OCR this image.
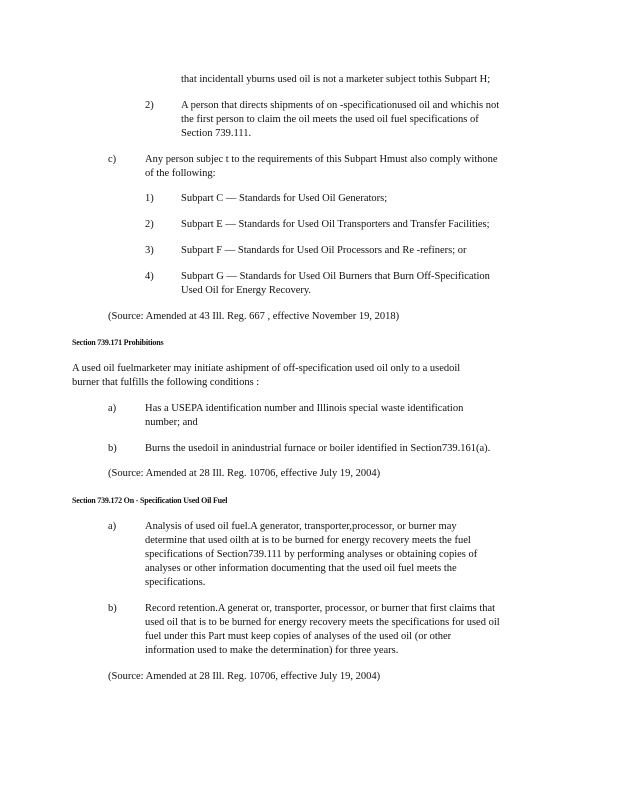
that incidentall yburns used oil is not a marketer subject tothis Subpart H;
2)	A person that directs shipments of on -specificationused oil and whichis not
the first person to claim the oil meets the used oil fuel specifications of
Section 739.111.
c)	Any person subjec t to the requirements of this Subpart Hmust also comply withone
of the following:
1)	Subpart C — Standards for Used Oil Generators;
2)	Subpart E — Standards for Used Oil Transporters and Transfer Facilities;
3)	Subpart F — Standards for Used Oil Processors and Re -refiners; or
4)	Subpart G — Standards for Used Oil Burners that Burn Off-Specification
Used Oil for Energy Recovery.
(Source: Amended at 43 Ill. Reg. 667 , effective November 19, 2018)
Section 739.171 Prohibitions
A used oil fuelmarketer may initiate ashipment of off-specification used oil only to a usedoil
burner that fulfills the following conditions :
a)	Has a USEPA identification number and Illinois special waste identification
number; and
b)	Burns the usedoil in anindustrial furnace or boiler identified in Section739.161(a).
(Source: Amended at 28 Ill. Reg. 10706, effective July 19, 2004)
Section 739.172 On - Specification Used Oil Fuel
a)	Analysis of used oil fuel.A generator, transporter,processor, or burner may
determine that used oilth at is to be burned for energy recovery meets the fuel
specifications of Section739.111 by performing analyses or obtaining copies of
analyses or other information documenting that the used oil fuel meets the
specifications.
b)	Record retention.A generat or, transporter, processor, or burner that first claims that
used oil that is to be burned for energy recovery meets the specifications for used oil
fuel under this Part must keep copies of analyses of the used oil (or other
information used to make the determination) for three years.
(Source: Amended at 28 Ill. Reg. 10706, effective July 19, 2004)
